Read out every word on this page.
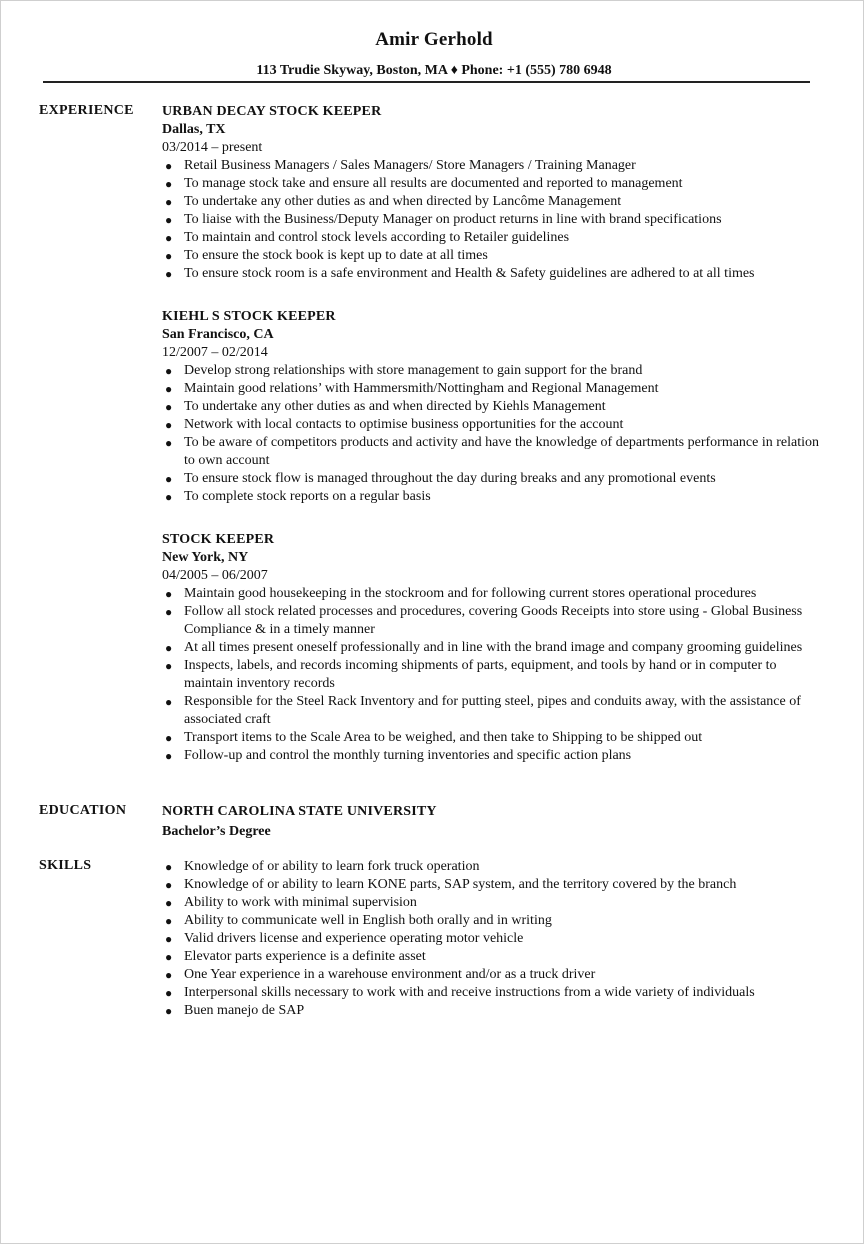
Amir Gerhold
113 Trudie Skyway, Boston, MA ♦ Phone: +1 (555) 780 6948
EXPERIENCE URBAN DECAY STOCK KEEPER
Dallas, TX
03/2014 – present
● Retail Business Managers / Sales Managers/ Store Managers / Training Manager
● To manage stock take and ensure all results are documented and reported to management
● To undertake any other duties as and when directed by Lancôme Management
● To liaise with the Business/Deputy Manager on product returns in line with brand specifications
● To maintain and control stock levels according to Retailer guidelines
● To ensure the stock book is kept up to date at all times
● To ensure stock room is a safe environment and Health & Safety guidelines are adhered to at all times
KIEHL S STOCK KEEPER
San Francisco, CA
12/2007 – 02/2014
● Develop strong relationships with store management to gain support for the brand
● Maintain good relations’ with Hammersmith/Nottingham and Regional Management
● To undertake any other duties as and when directed by Kiehls Management
● Network with local contacts to optimise business opportunities for the account
● To be aware of competitors products and activity and have the knowledge of departments performance in relation to own account
● To ensure stock flow is managed throughout the day during breaks and any promotional events
● To complete stock reports on a regular basis
STOCK KEEPER
New York, NY
04/2005 – 06/2007
● Maintain good housekeeping in the stockroom and for following current stores operational procedures
● Follow all stock related processes and procedures, covering Goods Receipts into store using - Global Business Compliance & in a timely manner
● At all times present oneself professionally and in line with the brand image and company grooming guidelines
● Inspects, labels, and records incoming shipments of parts, equipment, and tools by hand or in computer to maintain inventory records
● Responsible for the Steel Rack Inventory and for putting steel, pipes and conduits away, with the assistance of associated craft
● Transport items to the Scale Area to be weighed, and then take to Shipping to be shipped out
● Follow-up and control the monthly turning inventories and specific action plans
EDUCATION	NORTH CAROLINA STATE UNIVERSITY
Bachelor’s Degree
SKILLS	● Knowledge of or ability to learn fork truck operation
● Knowledge of or ability to learn KONE parts, SAP system, and the territory covered by the branch
● Ability to work with minimal supervision
● Ability to communicate well in English both orally and in writing
● Valid drivers license and experience operating motor vehicle
● Elevator parts experience is a definite asset
● One Year experience in a warehouse environment and/or as a truck driver
● Interpersonal skills necessary to work with and receive instructions from a wide variety of individuals
● Buen manejo de SAP
